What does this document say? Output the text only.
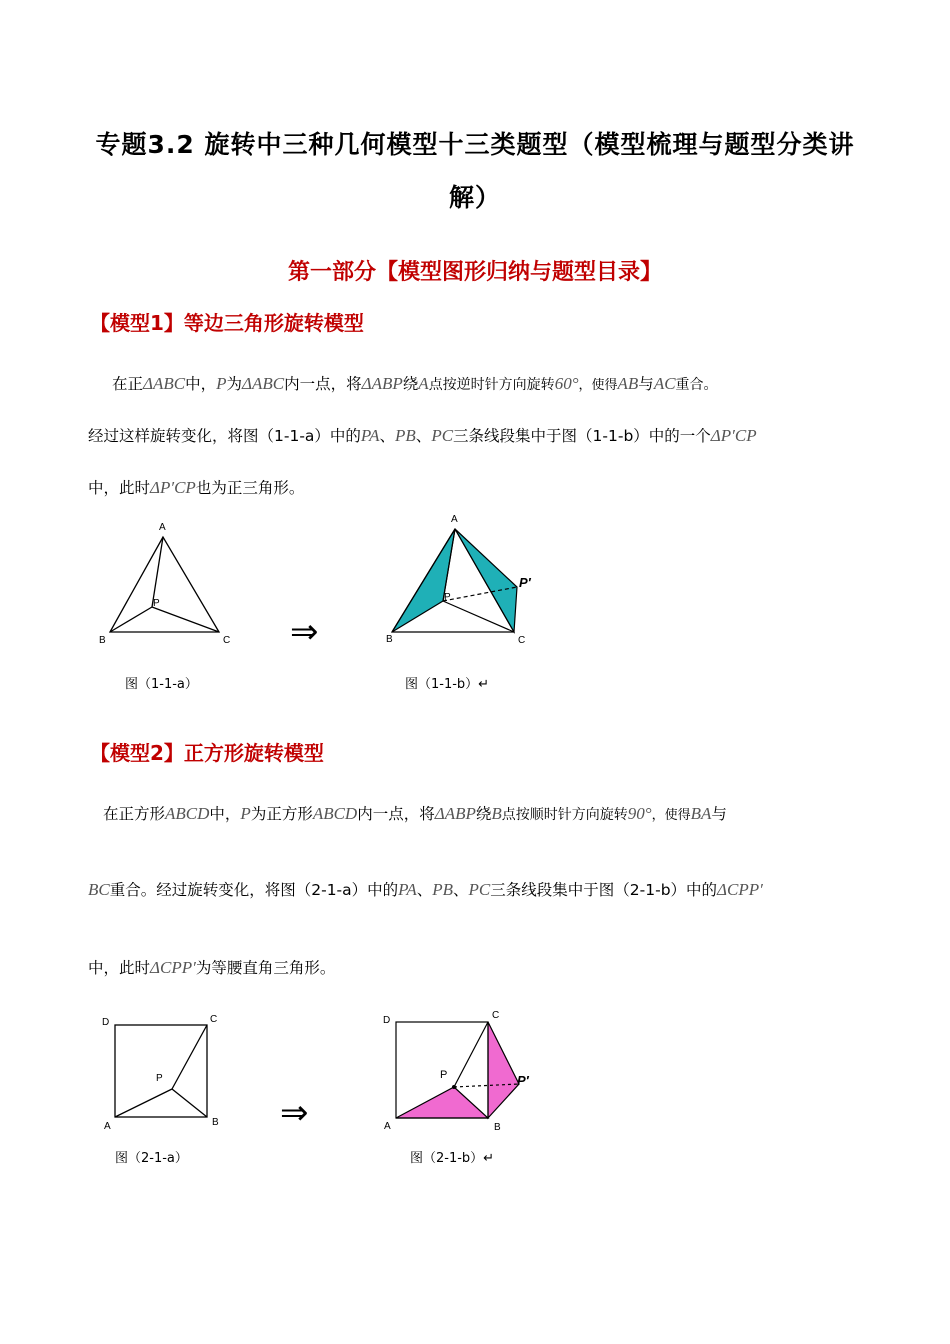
专题3.2 旋转中三种几何模型十三类题型（模型梳理与题型分类讲
解）
第一部分【模型图形归纳与题型目录】
【模型1】等边三角形旋转模型
在正ΔABC中，P为ΔABC内一点，将ΔABP绕A点按逆时针方向旋转60°，使得AB与AC重合。
经过这样旋转变化，将图（1-1-a）中的PA、PB、PC三条线段集中于图（1-1-b）中的一个ΔP′CP
中，此时ΔP′CP也为正三角形。
A
P
B	C
图（1-1-a）
⇒
A
P
P′
B	C
图（1-1-b）↵
【模型2】正方形旋转模型
在正方形ABCD中，P为正方形ABCD内一点，将ΔABP绕B点按顺时针方向旋转90°，使得BA与
BC重合。经过旋转变化，将图（2-1-a）中的PA、PB、PC三条线段集中于图（2-1-b）中的ΔCPP′
中，此时ΔCPP′为等腰直角三角形。
D	C
P
A	B
图（2-1-a）
⇒
D	C
P	P′
A	B
图（2-1-b）↵
